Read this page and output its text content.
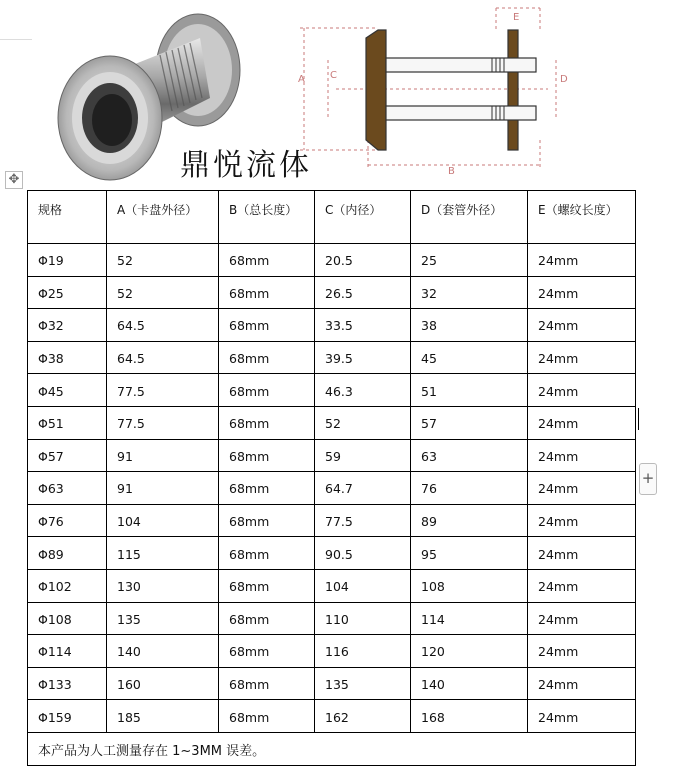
A
B
C	D
E
鼎悦流体
✥
规格	A（卡盘外径）	B（总长度）	C（内径）	D（套管外径）	E（螺纹长度）
Φ19	52	68mm	20.5	25	24mm
Φ25	52	68mm	26.5	32	24mm
Φ32	64.5	68mm	33.5	38	24mm
Φ38	64.5	68mm	39.5	45	24mm
Φ45	77.5	68mm	46.3	51	24mm
Φ51	77.5	68mm	52	57	24mm
Φ57	91	68mm	59	63	24mm
Φ63	91	68mm	64.7	76	24mm
Φ76	104	68mm	77.5	89	24mm
Φ89	115	68mm	90.5	95	24mm
Φ102	130	68mm	104	108	24mm
Φ108	135	68mm	110	114	24mm
Φ114	140	68mm	116	120	24mm
Φ133	160	68mm	135	140	24mm
Φ159	185	68mm	162	168	24mm
本产品为人工测量存在 1~3MM 误差。					
+
